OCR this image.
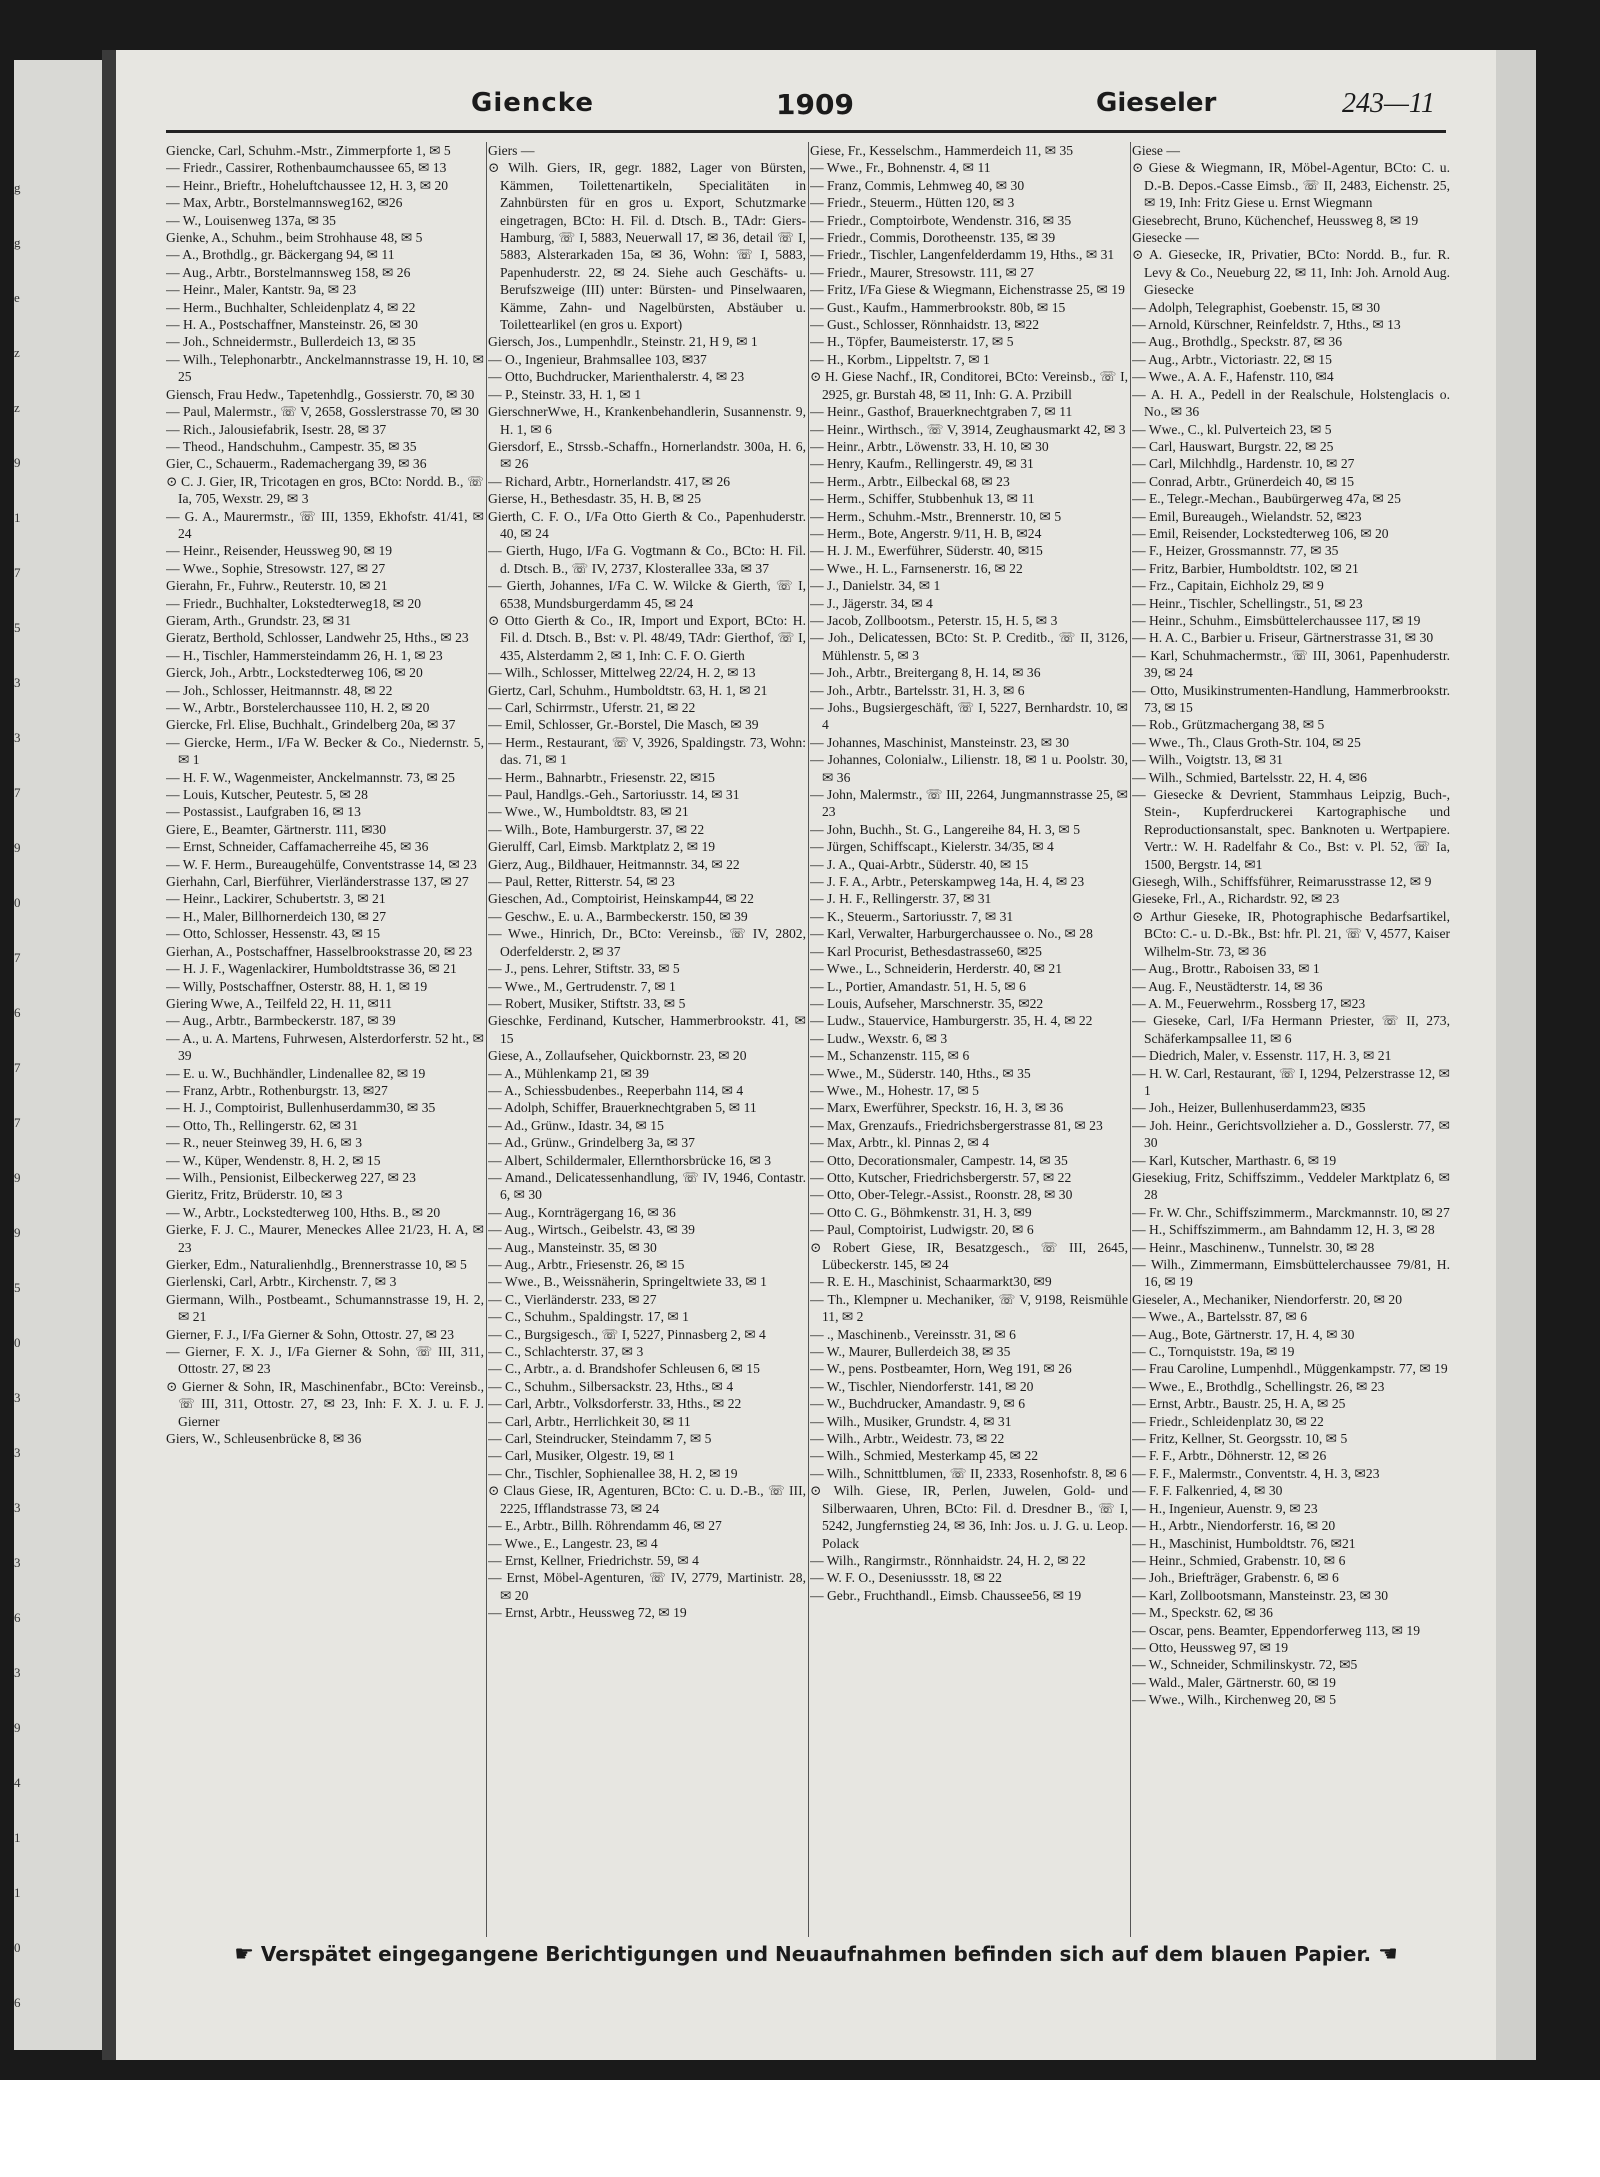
g
g
e
z
z
9
1
7
5
3
3
7
9
0
7
6
7
7
9
9
5
0
3
3
3
3
6
3
9
4
1
1
0
6
Giencke	1909	Gieseler	243—11
Giencke, Carl, Schuhm.-Mstr., Zimmerpforte 1, ✉ 5
— Friedr., Cassirer, Rothenbaumchaussee 65, ✉ 13
— Heinr., Brieftr., Hoheluftchaussee 12, H. 3, ✉ 20
— Max, Arbtr., Borstelmannsweg162, ✉26
— W., Louisenweg 137a, ✉ 35
Gienke, A., Schuhm., beim Strohhause 48, ✉ 5
— A., Brothdlg., gr. Bäckergang 94, ✉ 11
— Aug., Arbtr., Borstelmannsweg 158, ✉ 26
— Heinr., Maler, Kantstr. 9a, ✉ 23
— Herm., Buchhalter, Schleidenplatz 4, ✉ 22
— H. A., Postschaffner, Mansteinstr. 26, ✉ 30
— Joh., Schneidermstr., Bullerdeich 13, ✉ 35
— Wilh., Telephonarbtr., Anckelmannstrasse 19, H. 10, ✉ 25
Giensch, Frau Hedw., Tapetenhdlg., Gossierstr. 70, ✉ 30
— Paul, Malermstr., ☏ V, 2658, Gosslerstrasse 70, ✉ 30
— Rich., Jalousiefabrik, Isestr. 28, ✉ 37
— Theod., Handschuhm., Campestr. 35, ✉ 35
Gier, C., Schauerm., Rademachergang 39, ✉ 36
⊙ C. J. Gier, IR, Tricotagen en gros, BCto: Nordd. B., ☏ Ia, 705, Wexstr. 29, ✉ 3
— G. A., Maurermstr., ☏ III, 1359, Ekhofstr. 41/41, ✉ 24
— Heinr., Reisender, Heussweg 90, ✉ 19
— Wwe., Sophie, Stresowstr. 127, ✉ 27
Gierahn, Fr., Fuhrw., Reuterstr. 10, ✉ 21
— Friedr., Buchhalter, Lokstedterweg18, ✉ 20
Gieram, Arth., Grundstr. 23, ✉ 31
Gieratz, Berthold, Schlosser, Landwehr 25, Hths., ✉ 23
— H., Tischler, Hammersteindamm 26, H. 1, ✉ 23
Gierck, Joh., Arbtr., Lockstedterweg 106, ✉ 20
— Joh., Schlosser, Heitmannstr. 48, ✉ 22
— W., Arbtr., Borstelerchaussee 110, H. 2, ✉ 20
Giercke, Frl. Elise, Buchhalt., Grindelberg 20a, ✉ 37
— Giercke, Herm., I/Fa W. Becker & Co., Niedernstr. 5, ✉ 1
— H. F. W., Wagenmeister, Anckelmannstr. 73, ✉ 25
— Louis, Kutscher, Peutestr. 5, ✉ 28
— Postassist., Laufgraben 16, ✉ 13
Giere, E., Beamter, Gärtnerstr. 111, ✉30
— Ernst, Schneider, Caffamacherreihe 45, ✉ 36
— W. F. Herm., Bureaugehülfe, Conventstrasse 14, ✉ 23
Gierhahn, Carl, Bierführer, Vierländerstrasse 137, ✉ 27
— Heinr., Lackirer, Schubertstr. 3, ✉ 21
— H., Maler, Billhornerdeich 130, ✉ 27
— Otto, Schlosser, Hessenstr. 43, ✉ 15
Gierhan, A., Postschaffner, Hasselbrookstrasse 20, ✉ 23
— H. J. F., Wagenlackirer, Humboldtstrasse 36, ✉ 21
— Willy, Postschaffner, Osterstr. 88, H. 1, ✉ 19
Giering Wwe, A., Teilfeld 22, H. 11, ✉11
— Aug., Arbtr., Barmbeckerstr. 187, ✉ 39
— A., u. A. Martens, Fuhrwesen, Alsterdorferstr. 52 ht., ✉ 39
— E. u. W., Buchhändler, Lindenallee 82, ✉ 19
— Franz, Arbtr., Rothenburgstr. 13, ✉27
— H. J., Comptoirist, Bullenhuserdamm30, ✉ 35
— Otto, Th., Rellingerstr. 62, ✉ 31
— R., neuer Steinweg 39, H. 6, ✉ 3
— W., Küper, Wendenstr. 8, H. 2, ✉ 15
— Wilh., Pensionist, Eilbeckerweg 227, ✉ 23
Gieritz, Fritz, Brüderstr. 10, ✉ 3
— W., Arbtr., Lockstedterweg 100, Hths. B., ✉ 20
Gierke, F. J. C., Maurer, Meneckes Allee 21/23, H. A, ✉ 23
Gierker, Edm., Naturalienhdlg., Brennerstrasse 10, ✉ 5
Gierlenski, Carl, Arbtr., Kirchenstr. 7, ✉ 3
Giermann, Wilh., Postbeamt., Schumannstrasse 19, H. 2, ✉ 21
Gierner, F. J., I/Fa Gierner & Sohn, Ottostr. 27, ✉ 23
— Gierner, F. X. J., I/Fa Gierner & Sohn, ☏ III, 311, Ottostr. 27, ✉ 23
⊙ Gierner & Sohn, IR, Maschinenfabr., BCto: Vereinsb., ☏ III, 311, Ottostr. 27, ✉ 23, Inh: F. X. J. u. F. J. Gierner
Giers, W., Schleusenbrücke 8, ✉ 36
Giers —
⊙ Wilh. Giers, IR, gegr. 1882, Lager von Bürsten, Kämmen, Toilettenartikeln, Specialitäten in Zahnbürsten für en gros u. Export, Schutzmarke eingetragen, BCto: H. Fil. d. Dtsch. B., TAdr: Giers-Hamburg, ☏ I, 5883, Neuerwall 17, ✉ 36, detail ☏ I, 5883, Alsterarkaden 15a, ✉ 36, Wohn: ☏ I, 5883, Papenhuderstr. 22, ✉ 24. Siehe auch Geschäfts- u. Berufszweige (III) unter: Bürsten- und Pinselwaaren, Kämme, Zahn- und Nagelbürsten, Abstäuber u. Toilettearlikel (en gros u. Export)
Giersch, Jos., Lumpenhdlr., Steinstr. 21, H 9, ✉ 1
— O., Ingenieur, Brahmsallee 103, ✉37
— Otto, Buchdrucker, Marienthalerstr. 4, ✉ 23
— P., Steinstr. 33, H. 1, ✉ 1
GierschnerWwe, H., Krankenbehandlerin, Susannenstr. 9, H. 1, ✉ 6
Giersdorf, E., Strssb.-Schaffn., Hornerlandstr. 300a, H. 6, ✉ 26
— Richard, Arbtr., Hornerlandstr. 417, ✉ 26
Gierse, H., Bethesdastr. 35, H. B, ✉ 25
Gierth, C. F. O., I/Fa Otto Gierth & Co., Papenhuderstr. 40, ✉ 24
— Gierth, Hugo, I/Fa G. Vogtmann & Co., BCto: H. Fil. d. Dtsch. B., ☏ IV, 2737, Klosterallee 33a, ✉ 37
— Gierth, Johannes, I/Fa C. W. Wilcke & Gierth, ☏ I, 6538, Mundsburgerdamm 45, ✉ 24
⊙ Otto Gierth & Co., IR, Import und Export, BCto: H. Fil. d. Dtsch. B., Bst: v. Pl. 48/49, TAdr: Gierthof, ☏ I, 435, Alsterdamm 2, ✉ 1, Inh: C. F. O. Gierth
— Wilh., Schlosser, Mittelweg 22/24, H. 2, ✉ 13
Giertz, Carl, Schuhm., Humboldtstr. 63, H. 1, ✉ 21
— Carl, Schirrmstr., Uferstr. 21, ✉ 22
— Emil, Schlosser, Gr.-Borstel, Die Masch, ✉ 39
— Herm., Restaurant, ☏ V, 3926, Spaldingstr. 73, Wohn: das. 71, ✉ 1
— Herm., Bahnarbtr., Friesenstr. 22, ✉15
— Paul, Handlgs.-Geh., Sartoriusstr. 14, ✉ 31
— Wwe., W., Humboldtstr. 83, ✉ 21
— Wilh., Bote, Hamburgerstr. 37, ✉ 22
Gierulff, Carl, Eimsb. Marktplatz 2, ✉ 19
Gierz, Aug., Bildhauer, Heitmannstr. 34, ✉ 22
— Paul, Retter, Ritterstr. 54, ✉ 23
Gieschen, Ad., Comptoirist, Heinskamp44, ✉ 22
— Geschw., E. u. A., Barmbeckerstr. 150, ✉ 39
— Wwe., Hinrich, Dr., BCto: Vereinsb., ☏ IV, 2802, Oderfelderstr. 2, ✉ 37
— J., pens. Lehrer, Stiftstr. 33, ✉ 5
— Wwe., M., Gertrudenstr. 7, ✉ 1
— Robert, Musiker, Stiftstr. 33, ✉ 5
Gieschke, Ferdinand, Kutscher, Hammerbrookstr. 41, ✉ 15
Giese, A., Zollaufseher, Quickbornstr. 23, ✉ 20
— A., Mühlenkamp 21, ✉ 39
— A., Schiessbudenbes., Reeperbahn 114, ✉ 4
— Adolph, Schiffer, Brauerknechtgraben 5, ✉ 11
— Ad., Grünw., Idastr. 34, ✉ 15
— Ad., Grünw., Grindelberg 3a, ✉ 37
— Albert, Schildermaler, Ellernthorsbrücke 16, ✉ 3
— Amand., Delicatessenhandlung, ☏ IV, 1946, Contastr. 6, ✉ 30
— Aug., Kornträgergang 16, ✉ 36
— Aug., Wirtsch., Geibelstr. 43, ✉ 39
— Aug., Mansteinstr. 35, ✉ 30
— Aug., Arbtr., Friesenstr. 26, ✉ 15
— Wwe., B., Weissnäherin, Springeltwiete 33, ✉ 1
— C., Vierländerstr. 233, ✉ 27
— C., Schuhm., Spaldingstr. 17, ✉ 1
— C., Burgsigesch., ☏ I, 5227, Pinnasberg 2, ✉ 4
— C., Schlachterstr. 37, ✉ 3
— C., Arbtr., a. d. Brandshofer Schleusen 6, ✉ 15
— C., Schuhm., Silbersackstr. 23, Hths., ✉ 4
— Carl, Arbtr., Volksdorferstr. 33, Hths., ✉ 22
— Carl, Arbtr., Herrlichkeit 30, ✉ 11
— Carl, Steindrucker, Steindamm 7, ✉ 5
— Carl, Musiker, Olgestr. 19, ✉ 1
— Chr., Tischler, Sophienallee 38, H. 2, ✉ 19
⊙ Claus Giese, IR, Agenturen, BCto: C. u. D.-B., ☏ III, 2225, Ifflandstrasse 73, ✉ 24
— E., Arbtr., Billh. Röhrendamm 46, ✉ 27
— Wwe., E., Langestr. 23, ✉ 4
— Ernst, Kellner, Friedrichstr. 59, ✉ 4
— Ernst, Möbel-Agenturen, ☏ IV, 2779, Martinistr. 28, ✉ 20
— Ernst, Arbtr., Heussweg 72, ✉ 19
Giese, Fr., Kesselschm., Hammerdeich 11, ✉ 35
— Wwe., Fr., Bohnenstr. 4, ✉ 11
— Franz, Commis, Lehmweg 40, ✉ 30
— Friedr., Steuerm., Hütten 120, ✉ 3
— Friedr., Comptoirbote, Wendenstr. 316, ✉ 35
— Friedr., Commis, Dorotheenstr. 135, ✉ 39
— Friedr., Tischler, Langenfelderdamm 19, Hths., ✉ 31
— Friedr., Maurer, Stresowstr. 111, ✉ 27
— Fritz, I/Fa Giese & Wiegmann, Eichenstrasse 25, ✉ 19
— Gust., Kaufm., Hammerbrookstr. 80b, ✉ 15
— Gust., Schlosser, Rönnhaidstr. 13, ✉22
— H., Töpfer, Baumeisterstr. 17, ✉ 5
— H., Korbm., Lippeltstr. 7, ✉ 1
⊙ H. Giese Nachf., IR, Conditorei, BCto: Vereinsb., ☏ I, 2925, gr. Burstah 48, ✉ 11, Inh: G. A. Przibill
— Heinr., Gasthof, Brauerknechtgraben 7, ✉ 11
— Heinr., Wirthsch., ☏ V, 3914, Zeughausmarkt 42, ✉ 3
— Heinr., Arbtr., Löwenstr. 33, H. 10, ✉ 30
— Henry, Kaufm., Rellingerstr. 49, ✉ 31
— Herm., Arbtr., Eilbeckal 68, ✉ 23
— Herm., Schiffer, Stubbenhuk 13, ✉ 11
— Herm., Schuhm.-Mstr., Brennerstr. 10, ✉ 5
— Herm., Bote, Angerstr. 9/11, H. B, ✉24
— H. J. M., Ewerführer, Süderstr. 40, ✉15
— Wwe., H. L., Farnsenerstr. 16, ✉ 22
— J., Danielstr. 34, ✉ 1
— J., Jägerstr. 34, ✉ 4
— Jacob, Zollbootsm., Peterstr. 15, H. 5, ✉ 3
— Joh., Delicatessen, BCto: St. P. Creditb., ☏ II, 3126, Mühlenstr. 5, ✉ 3
— Joh., Arbtr., Breitergang 8, H. 14, ✉ 36
— Joh., Arbtr., Bartelsstr. 31, H. 3, ✉ 6
— Johs., Bugsiergeschäft, ☏ I, 5227, Bernhardstr. 10, ✉ 4
— Johannes, Maschinist, Mansteinstr. 23, ✉ 30
— Johannes, Colonialw., Lilienstr. 18, ✉ 1 u. Poolstr. 30, ✉ 36
— John, Malermstr., ☏ III, 2264, Jungmannstrasse 25, ✉ 23
— John, Buchh., St. G., Langereihe 84, H. 3, ✉ 5
— Jürgen, Schiffscapt., Kielerstr. 34/35, ✉ 4
— J. A., Quai-Arbtr., Süderstr. 40, ✉ 15
— J. F. A., Arbtr., Peterskampweg 14a, H. 4, ✉ 23
— J. H. F., Rellingerstr. 37, ✉ 31
— K., Steuerm., Sartoriusstr. 7, ✉ 31
— Karl, Verwalter, Harburgerchaussee o. No., ✉ 28
— Karl Procurist, Bethesdastrasse60, ✉25
— Wwe., L., Schneiderin, Herderstr. 40, ✉ 21
— L., Portier, Amandastr. 51, H. 5, ✉ 6
— Louis, Aufseher, Marschnerstr. 35, ✉22
— Ludw., Stauervice, Hamburgerstr. 35, H. 4, ✉ 22
— Ludw., Wexstr. 6, ✉ 3
— M., Schanzenstr. 115, ✉ 6
— Wwe., M., Süderstr. 140, Hths., ✉ 35
— Wwe., M., Hohestr. 17, ✉ 5
— Marx, Ewerführer, Speckstr. 16, H. 3, ✉ 36
— Max, Grenzaufs., Friedrichsbergerstrasse 81, ✉ 23
— Max, Arbtr., kl. Pinnas 2, ✉ 4
— Otto, Decorationsmaler, Campestr. 14, ✉ 35
— Otto, Kutscher, Friedrichsbergerstr. 57, ✉ 22
— Otto, Ober-Telegr.-Assist., Roonstr. 28, ✉ 30
— Otto C. G., Böhmkenstr. 31, H. 3, ✉9
— Paul, Comptoirist, Ludwigstr. 20, ✉ 6
⊙ Robert Giese, IR, Besatzgesch., ☏ III, 2645, Lübeckerstr. 145, ✉ 24
— R. E. H., Maschinist, Schaarmarkt30, ✉9
— Th., Klempner u. Mechaniker, ☏ V, 9198, Reismühle 11, ✉ 2
— ., Maschinenb., Vereinsstr. 31, ✉ 6
— W., Maurer, Bullerdeich 38, ✉ 35
— W., pens. Postbeamter, Horn, Weg 191, ✉ 26
— W., Tischler, Niendorferstr. 141, ✉ 20
— W., Buchdrucker, Amandastr. 9, ✉ 6
— Wilh., Musiker, Grundstr. 4, ✉ 31
— Wilh., Arbtr., Weidestr. 73, ✉ 22
— Wilh., Schmied, Mesterkamp 45, ✉ 22
— Wilh., Schnittblumen, ☏ II, 2333, Rosenhofstr. 8, ✉ 6
⊙ Wilh. Giese, IR, Perlen, Juwelen, Gold- und Silberwaaren, Uhren, BCto: Fil. d. Dresdner B., ☏ I, 5242, Jungfernstieg 24, ✉ 36, Inh: Jos. u. J. G. u. Leop. Polack
— Wilh., Rangirmstr., Rönnhaidstr. 24, H. 2, ✉ 22
— W. F. O., Deseniussstr. 18, ✉ 22
— Gebr., Fruchthandl., Eimsb. Chaussee56, ✉ 19
Giese —
⊙ Giese & Wiegmann, IR, Möbel-Agentur, BCto: C. u. D.-B. Depos.-Casse Eimsb., ☏ II, 2483, Eichenstr. 25, ✉ 19, Inh: Fritz Giese u. Ernst Wiegmann
Giesebrecht, Bruno, Küchenchef, Heussweg 8, ✉ 19
Giesecke —
⊙ A. Giesecke, IR, Privatier, BCto: Nordd. B., fur. R. Levy & Co., Neueburg 22, ✉ 11, Inh: Joh. Arnold Aug. Giesecke
— Adolph, Telegraphist, Goebenstr. 15, ✉ 30
— Arnold, Kürschner, Reinfeldstr. 7, Hths., ✉ 13
— Aug., Brothdlg., Speckstr. 87, ✉ 36
— Aug., Arbtr., Victoriastr. 22, ✉ 15
— Wwe., A. A. F., Hafenstr. 110, ✉4
— A. H. A., Pedell in der Realschule, Holstenglacis o. No., ✉ 36
— Wwe., C., kl. Pulverteich 23, ✉ 5
— Carl, Hauswart, Burgstr. 22, ✉ 25
— Carl, Milchhdlg., Hardenstr. 10, ✉ 27
— Conrad, Arbtr., Grünerdeich 40, ✉ 15
— E., Telegr.-Mechan., Baubürgerweg 47a, ✉ 25
— Emil, Bureaugeh., Wielandstr. 52, ✉23
— Emil, Reisender, Lockstedterweg 106, ✉ 20
— F., Heizer, Grossmannstr. 77, ✉ 35
— Fritz, Barbier, Humboldtstr. 102, ✉ 21
— Frz., Capitain, Eichholz 29, ✉ 9
— Heinr., Tischler, Schellingstr., 51, ✉ 23
— Heinr., Schuhm., Eimsbüttelerchaussee 117, ✉ 19
— H. A. C., Barbier u. Friseur, Gärtnerstrasse 31, ✉ 30
— Karl, Schuhmachermstr., ☏ III, 3061, Papenhuderstr. 39, ✉ 24
— Otto, Musikinstrumenten-Handlung, Hammerbrookstr. 73, ✉ 15
— Rob., Grützmachergang 38, ✉ 5
— Wwe., Th., Claus Groth-Str. 104, ✉ 25
— Wilh., Voigtstr. 13, ✉ 31
— Wilh., Schmied, Bartelsstr. 22, H. 4, ✉6
— Giesecke & Devrient, Stammhaus Leipzig, Buch-, Stein-, Kupferdruckerei Kartographische und Reproductionsanstalt, spec. Banknoten u. Wertpapiere. Vertr.: W. H. Radelfahr & Co., Bst: v. Pl. 52, ☏ Ia, 1500, Bergstr. 14, ✉1
Giesegh, Wilh., Schiffsführer, Reimarusstrasse 12, ✉ 9
Gieseke, Frl., A., Richardstr. 92, ✉ 23
⊙ Arthur Gieseke, IR, Photographische Bedarfsartikel, BCto: C.- u. D.-Bk., Bst: hfr. Pl. 21, ☏ V, 4577, Kaiser Wilhelm-Str. 73, ✉ 36
— Aug., Brottr., Raboisen 33, ✉ 1
— Aug. F., Neustädterstr. 14, ✉ 36
— A. M., Feuerwehrm., Rossberg 17, ✉23
— Gieseke, Carl, I/Fa Hermann Priester, ☏ II, 273, Schäferkampsallee 11, ✉ 6
— Diedrich, Maler, v. Essenstr. 117, H. 3, ✉ 21
— H. W. Carl, Restaurant, ☏ I, 1294, Pelzerstrasse 12, ✉ 1
— Joh., Heizer, Bullenhuserdamm23, ✉35
— Joh. Heinr., Gerichtsvollzieher a. D., Gosslerstr. 77, ✉ 30
— Karl, Kutscher, Marthastr. 6, ✉ 19
Giesekiug, Fritz, Schiffszimm., Veddeler Marktplatz 6, ✉ 28
— Fr. W. Chr., Schiffszimmerm., Marckmannstr. 10, ✉ 27
— H., Schiffszimmerm., am Bahndamm 12, H. 3, ✉ 28
— Heinr., Maschinenw., Tunnelstr. 30, ✉ 28
— Wilh., Zimmermann, Eimsbüttelerchaussee 79/81, H. 16, ✉ 19
Gieseler, A., Mechaniker, Niendorferstr. 20, ✉ 20
— Wwe., A., Bartelsstr. 87, ✉ 6
— Aug., Bote, Gärtnerstr. 17, H. 4, ✉ 30
— C., Tornquiststr. 19a, ✉ 19
— Frau Caroline, Lumpenhdl., Müggenkampstr. 77, ✉ 19
— Wwe., E., Brothdlg., Schellingstr. 26, ✉ 23
— Ernst, Arbtr., Baustr. 25, H. A, ✉ 25
— Friedr., Schleidenplatz 30, ✉ 22
— Fritz, Kellner, St. Georgsstr. 10, ✉ 5
— F. F., Arbtr., Döhnerstr. 12, ✉ 26
— F. F., Malermstr., Conventstr. 4, H. 3, ✉23
— F. F. Falkenried, 4, ✉ 30
— H., Ingenieur, Auenstr. 9, ✉ 23
— H., Arbtr., Niendorferstr. 16, ✉ 20
— H., Maschinist, Humboldtstr. 76, ✉21
— Heinr., Schmied, Grabenstr. 10, ✉ 6
— Joh., Briefträger, Grabenstr. 6, ✉ 6
— Karl, Zollbootsmann, Mansteinstr. 23, ✉ 30
— M., Speckstr. 62, ✉ 36
— Oscar, pens. Beamter, Eppendorferweg 113, ✉ 19
— Otto, Heussweg 97, ✉ 19
— W., Schneider, Schmilinskystr. 72, ✉5
— Wald., Maler, Gärtnerstr. 60, ✉ 19
— Wwe., Wilh., Kirchenweg 20, ✉ 5
☛ Verspätet eingegangene Berichtigungen und Neuaufnahmen befinden sich auf dem blauen Papier. ☚
